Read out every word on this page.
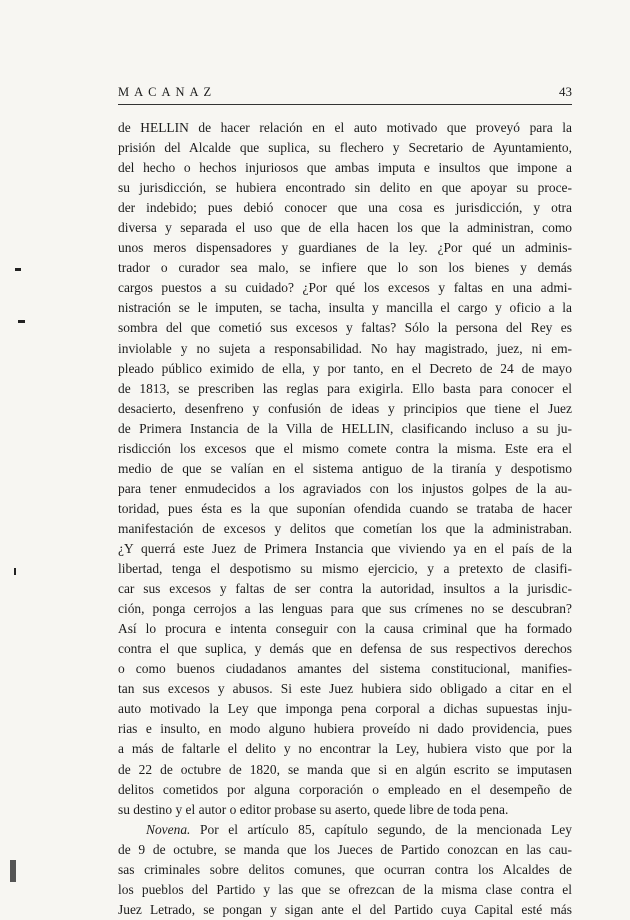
MACANAZ	43
de HELLIN de hacer relación en el auto motivado que proveyó para la
prisión del Alcalde que suplica, su flechero y Secretario de Ayuntamiento,
del hecho o hechos injuriosos que ambas imputa e insultos que impone a
su jurisdicción, se hubiera encontrado sin delito en que apoyar su proce-
der indebido; pues debió conocer que una cosa es jurisdicción, y otra
diversa y separada el uso que de ella hacen los que la administran, como
unos meros dispensadores y guardianes de la ley. ¿Por qué un adminis-
trador o curador sea malo, se infiere que lo son los bienes y demás
cargos puestos a su cuidado? ¿Por qué los excesos y faltas en una admi-
nistración se le imputen, se tacha, insulta y mancilla el cargo y oficio a la
sombra del que cometió sus excesos y faltas? Sólo la persona del Rey es
inviolable y no sujeta a responsabilidad. No hay magistrado, juez, ni em-
pleado público eximido de ella, y por tanto, en el Decreto de 24 de mayo
de 1813, se prescriben las reglas para exigirla. Ello basta para conocer el
desacierto, desenfreno y confusión de ideas y principios que tiene el Juez
de Primera Instancia de la Villa de HELLIN, clasificando incluso a su ju-
risdicción los excesos que el mismo comete contra la misma. Este era el
medio de que se valían en el sistema antiguo de la tiranía y despotismo
para tener enmudecidos a los agraviados con los injustos golpes de la au-
toridad, pues ésta es la que suponían ofendida cuando se trataba de hacer
manifestación de excesos y delitos que cometían los que la administraban.
¿Y querrá este Juez de Primera Instancia que viviendo ya en el país de la
libertad, tenga el despotismo su mismo ejercicio, y a pretexto de clasifi-
car sus excesos y faltas de ser contra la autoridad, insultos a la jurisdic-
ción, ponga cerrojos a las lenguas para que sus crímenes no se descubran?
Así lo procura e intenta conseguir con la causa criminal que ha formado
contra el que suplica, y demás que en defensa de sus respectivos derechos
o como buenos ciudadanos amantes del sistema constitucional, manifies-
tan sus excesos y abusos. Si este Juez hubiera sido obligado a citar en el
auto motivado la Ley que imponga pena corporal a dichas supuestas inju-
rias e insulto, en modo alguno hubiera proveído ni dado providencia, pues
a más de faltarle el delito y no encontrar la Ley, hubiera visto que por la
de 22 de octubre de 1820, se manda que si en algún escrito se imputasen
delitos cometidos por alguna corporación o empleado en el desempeño de
su destino y el autor o editor probase su aserto, quede libre de toda pena.
Novena. Por el artículo 85, capítulo segundo, de la mencionada Ley
de 9 de octubre, se manda que los Jueces de Partido conozcan en las cau-
sas criminales sobre delitos comunes, que ocurran contra los Alcaldes de
los pueblos del Partido y las que se ofrezcan de la misma clase contra el
Juez Letrado, se pongan y sigan ante el del Partido cuya Capital esté más
